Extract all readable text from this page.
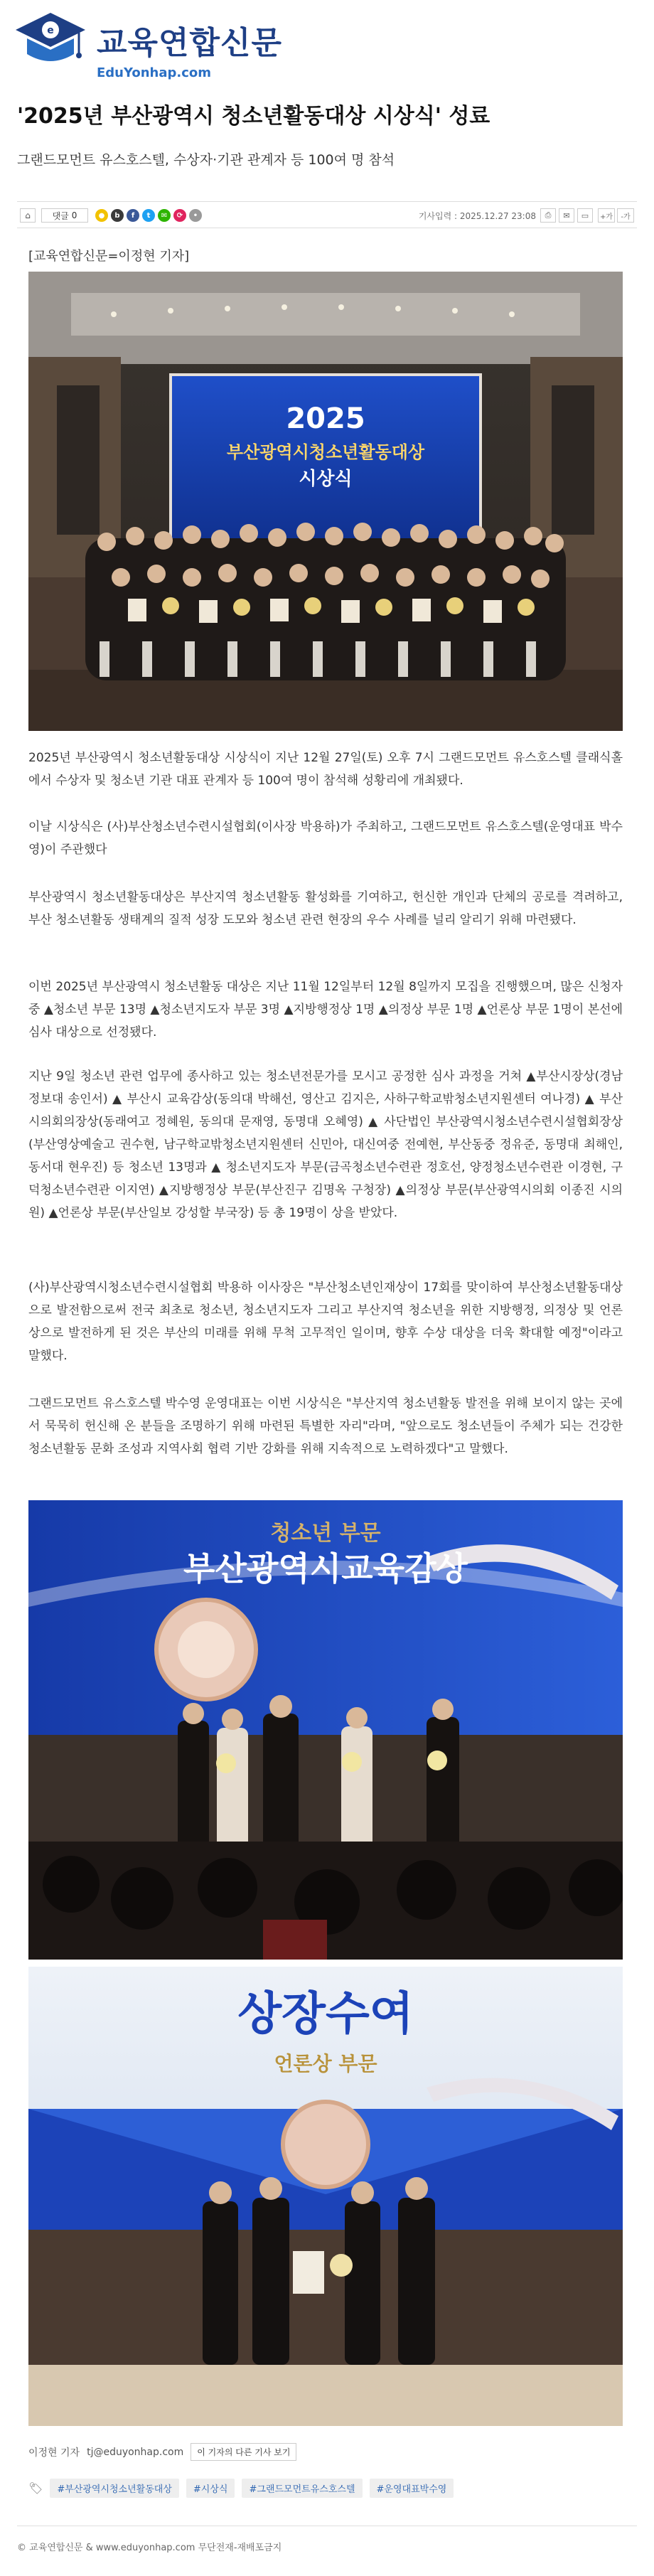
e 교육연합신문
EduYonhap.com
'2025년 부산광역시 청소년활동대상 시상식' 성료
그랜드모먼트 유스호스텔, 수상자·기관 관계자 등 100여 명 참석
⌂	댓글 0	●	b	f	t	✉	⟳	•	기사입력 : 2025.12.27 23:08	⎙	✉	▭	+가	-가
[교육연합신문=이정현 기자]
2025
부산광역시청소년활동대상
시상식

2025년 부산광역시 청소년활동대상 시상식이 지난 12월 27일(토) 오후 7시 그랜드모먼트 유스호스텔 클래식홀에서 수상자 및 청소년 기관 대표 관계자 등 100여 명이 참석해 성황리에 개최됐다.

이날 시상식은 (사)부산청소년수련시설협회(이사장 박용하)가 주최하고, 그랜드모먼트 유스호스텔(운영대표 박수영)이 주관했다

부산광역시 청소년활동대상은 부산지역 청소년활동 활성화를 기여하고, 헌신한 개인과 단체의 공로를 격려하고, 부산 청소년활동 생태계의 질적 성장 도모와 청소년 관련 현장의 우수 사례를 널리 알리기 위해 마련됐다.

이번 2025년 부산광역시 청소년활동 대상은 지난 11월 12일부터 12월 8일까지 모집을 진행했으며, 많은 신청자 중 ▲청소년 부문 13명 ▲청소년지도자 부문 3명 ▲지방행정상 1명 ▲의정상 부문 1명 ▲언론상 부문 1명이 본선에 심사 대상으로 선정됐다.

지난 9일 청소년 관련 업무에 종사하고 있는 청소년전문가를 모시고 공정한 심사 과정을 거쳐 ▲부산시장상(경남정보대 송인서) ▲ 부산시 교육감상(동의대 박해선, 영산고 김지은, 사하구학교밖청소년지원센터 여나경) ▲ 부산시의회의장상(동래여고 정혜원, 동의대 문재영, 동명대 오혜영) ▲ 사단법인 부산광역시청소년수련시설협회장상(부산영상예술고 권수현, 남구학교밖청소년지원센터 신민아, 대신여중 전예현, 부산동중 정유준, 동명대 최해인, 동서대 현우진) 등 청소년 13명과 ▲ 청소년지도자 부문(금곡청소년수련관 정호선, 양정청소년수련관 이경현, 구덕청소년수련관 이지연) ▲지방행정상 부문(부산진구 김명옥 구청장) ▲의정상 부문(부산광역시의회 이종진 시의원) ▲언론상 부문(부산일보 강성할 부국장) 등 총 19명이 상을 받았다.

(사)부산광역시청소년수련시설협회 박용하 이사장은 "부산청소년인재상이 17회를 맞이하여 부산청소년활동대상으로 발전함으로써 전국 최초로 청소년, 청소년지도자 그리고 부산지역 청소년을 위한 지방행정, 의정상 및 언론상으로 발전하게 된 것은 부산의 미래를 위해 무척 고무적인 일이며, 향후 수상 대상을 더욱 확대할 예정"이라고 말했다.

그랜드모먼트 유스호스텔 박수영 운영대표는 이번 시상식은 "부산지역 청소년활동 발전을 위해 보이지 않는 곳에서 묵묵히 헌신해 온 분들을 조명하기 위해 마련된 특별한 자리"라며, "앞으로도 청소년들이 주체가 되는 건강한 청소년활동 문화 조성과 지역사회 협력 기반 강화를 위해 지속적으로 노력하겠다"고 말했다.

청소년 부문
부산광역시교육감상
상장수여
언론상 부문
이정현 기자 tj@eduyonhap.com	이 기자의 다른 기사 보기
🏷	#부산광역시청소년활동대상	#시상식	#그랜드모먼트유스호스텔	#운영대표박수영
© 교육연합신문 & www.eduyonhap.com 무단전재-재배포금지
